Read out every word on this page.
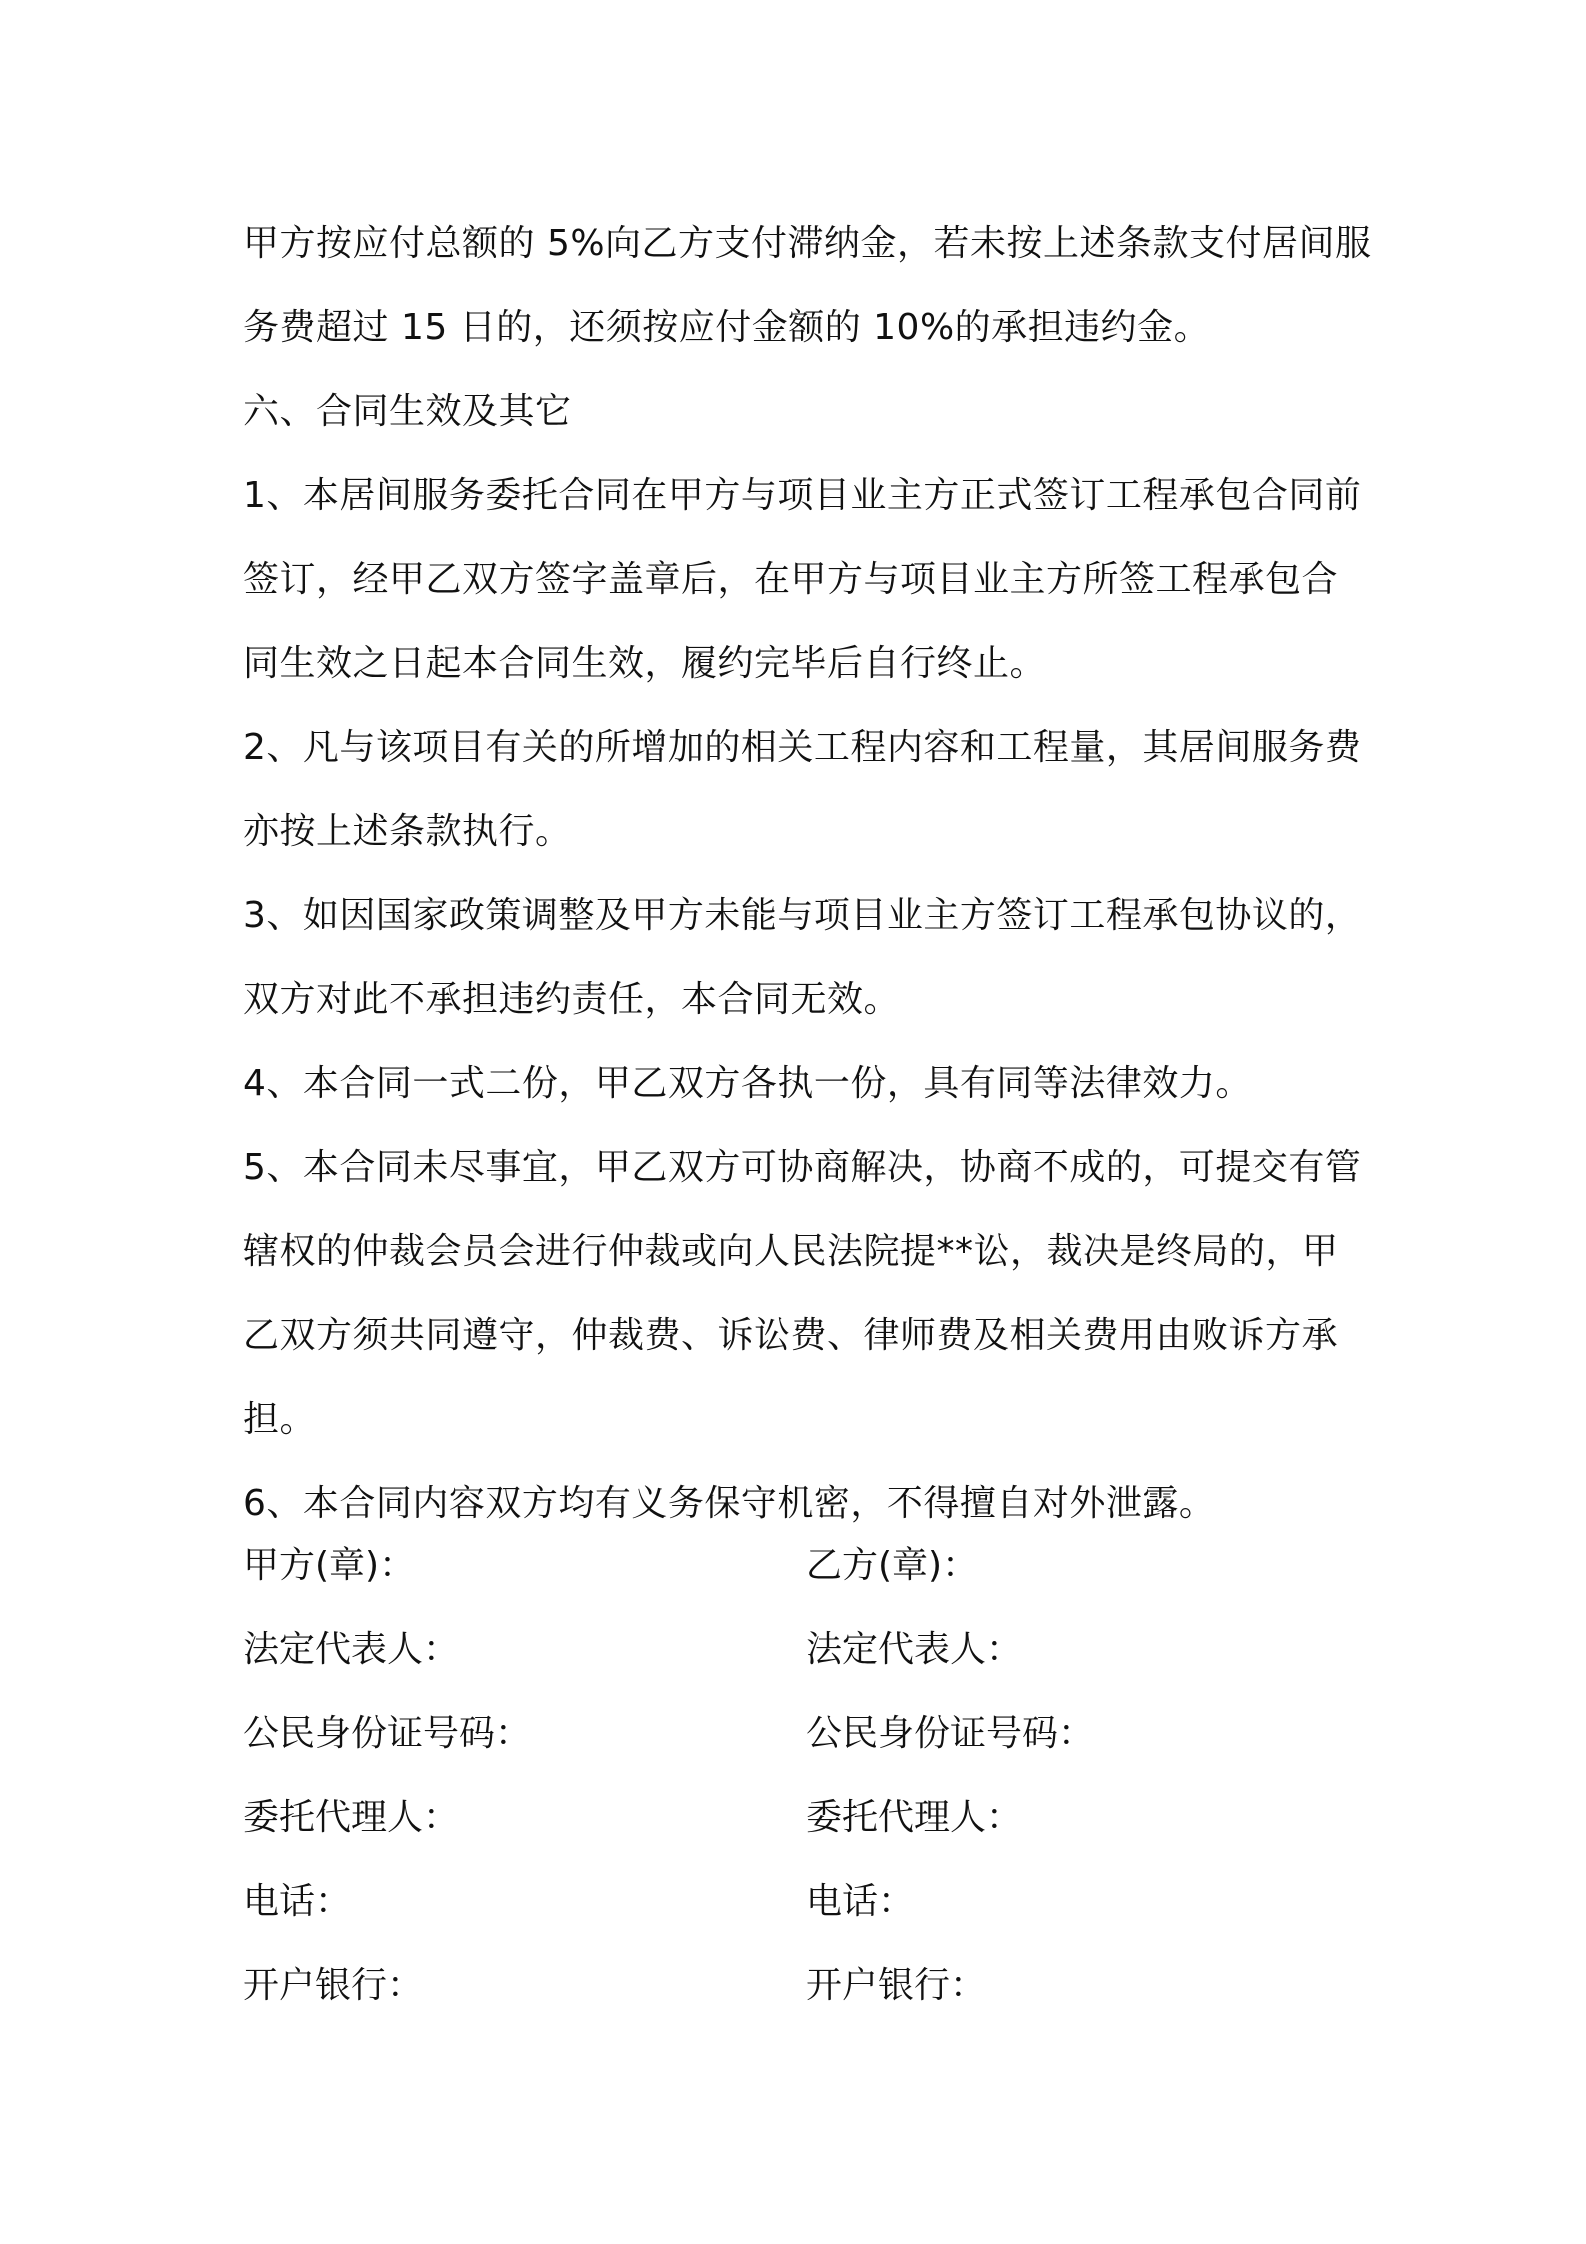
甲方按应付总额的 5%向乙方支付滞纳金，若未按上述条款支付居间服务费超过 15 日的，还须按应付金额的 10%的承担违约金。

六、合同生效及其它

1、本居间服务委托合同在甲方与项目业主方正式签订工程承包合同前签订，经甲乙双方签字盖章后，在甲方与项目业主方所签工程承包合同生效之日起本合同生效，履约完毕后自行终止。

2、凡与该项目有关的所增加的相关工程内容和工程量，其居间服务费亦按上述条款执行。

3、如因国家政策调整及甲方未能与项目业主方签订工程承包协议的，双方对此不承担违约责任，本合同无效。

4、本合同一式二份，甲乙双方各执一份，具有同等法律效力。

5、本合同未尽事宜，甲乙双方可协商解决，协商不成的，可提交有管辖权的仲裁会员会进行仲裁或向人民法院提**讼，裁决是终局的，甲乙双方须共同遵守，仲裁费、诉讼费、律师费及相关费用由败诉方承担。

6、本合同内容双方均有义务保守机密，不得擅自对外泄露。

甲方(章)：	乙方(章)：
法定代表人：	法定代表人：
公民身份证号码：	公民身份证号码：
委托代理人：	委托代理人：
电话：	电话：
开户银行：	开户银行：
